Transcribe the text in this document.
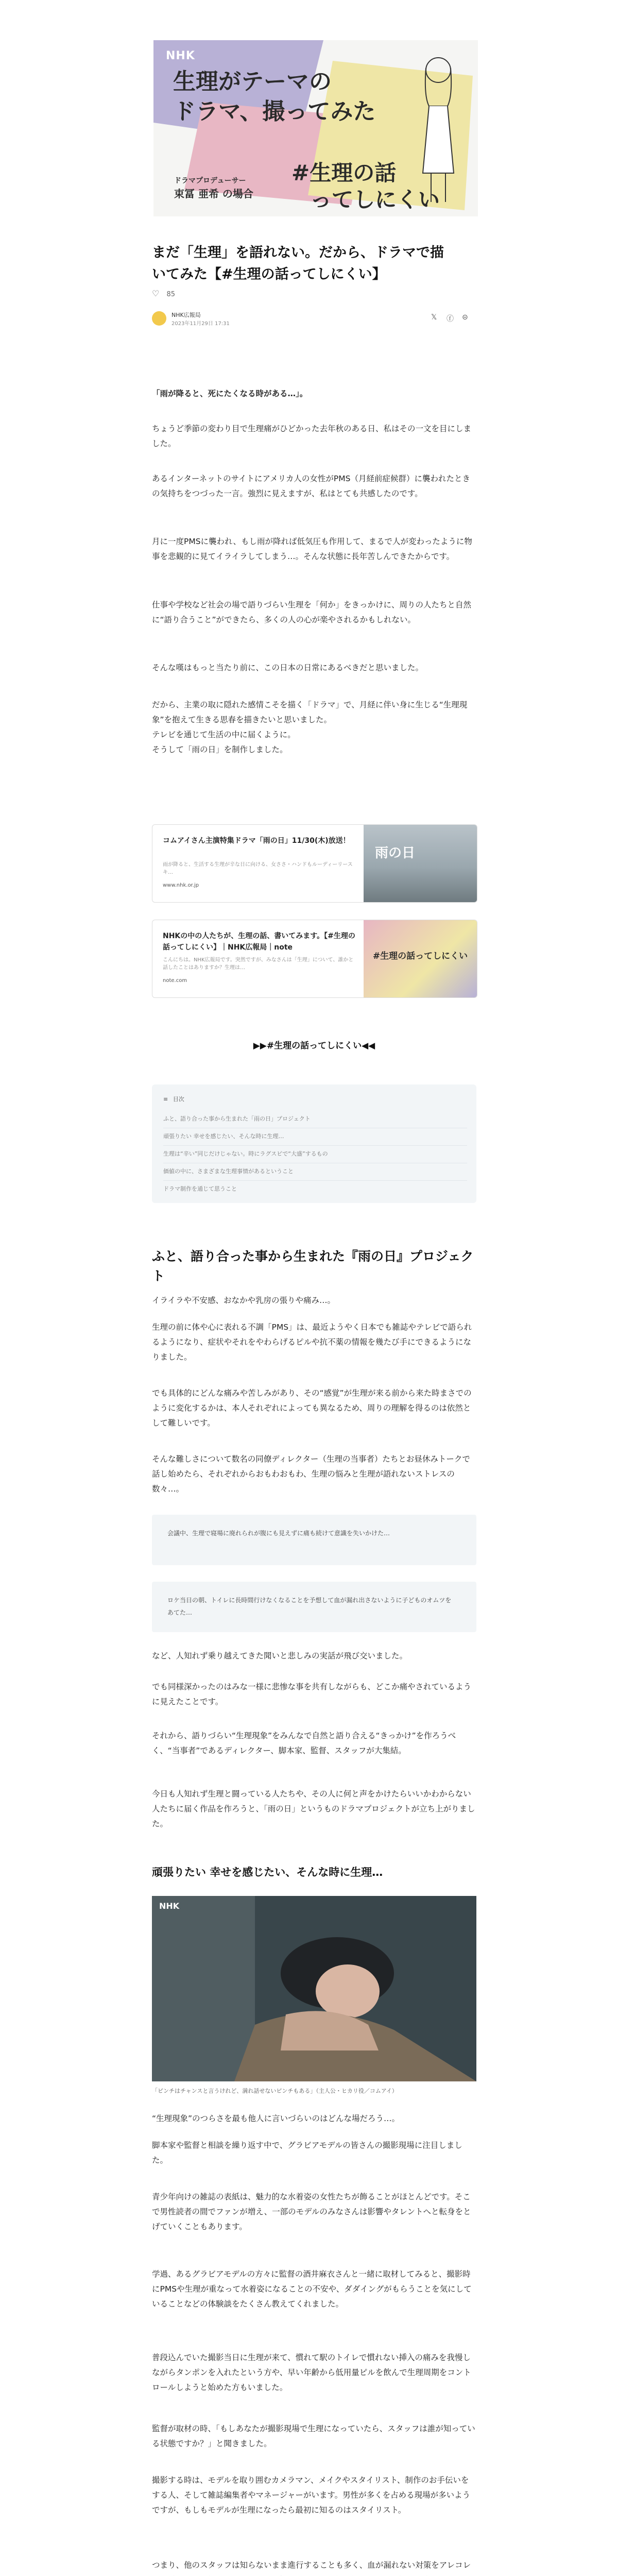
NHK
生理がテーマの
ドラマ、撮ってみた
ドラマプロデューサー
束冨 亜希 の場合
#生理の話
ってしにくい
まだ「生理」を語れない。だから、ドラマで描
いてみた【#生理の話ってしにくい】
♡ 85
NHK広報局
2023年11月29日 17:31
𝕏 ⓕ ⊝

「雨が降ると、死にたくなる時がある…」。

ちょうど季節の変わり目で生理痛がひどかった去年秋のある日、私はその一文を目にしました。

あるインターネットのサイトにアメリカ人の女性がPMS（月経前症候群）に襲われたときの気持ちをつづった一言。強烈に見えますが、私はとても共感したのです。

月に一度PMSに襲われ、もし雨が降れば低気圧も作用して、まるで人が変わったように物事を悲観的に見てイライラしてしまう…。そんな状態に長年苦しんできたからです。

仕事や学校など社会の場で語りづらい生理を「何か」をきっかけに、周りの人たちと自然に“語り合うこと”ができたら、多くの人の心が楽やされるかもしれない。

そんな嘆はもっと当たり前に、この日本の日常にあるべきだと思いました。

だから、主業の取に隠れた感情こそを描く「ドラマ」で、月経に伴い身に生じる“生理現象”を抱えて生きる思春を描きたいと思いました。
テレビを通じて生活の中に届くように。
そうして「雨の日」を制作しました。

コムアイさん主演特集ドラマ「雨の日」11/30(木)放送！
雨が降ると、生活する生理が辛な日に向ける、女ささ・ハンドもルーディーリースキ…
www.nhk.or.jp
雨の日
NHKの中の人たちが、生理の話、書いてみます。【#生理の話ってしにくい】｜NHK広報局｜note
こんにちは。NHK広報局です。突然ですが、みなさんは「生理」について、誰かと話したことはありますか？生理は…
note.com
#生理の話ってしにくい
▶▶#生理の話ってしにくい◀◀
≡ 目次
ふと、語り合った事から生まれた「雨の日」プロジェクト
頑張りたい 幸せを感じたい、そんな時に生理…
生理は“辛い”同じだけじゃない。時にラグスビで“大盛”するもの
価値の中に、さまざまな生理事情があるということ
ドラマ制作を通じて思うこと
ふと、語り合った事から生まれた『雨の日』プロジェクト

イライラや不安感、おなかや乳房の張りや痛み…。

生理の前に体や心に表れる不調「PMS」は、最近ようやく日本でも雑誌やテレビで語られるようになり、症状やそれをやわらげるピルや抗不薬の情報を幾たび手にできるようになりました。

でも具体的にどんな痛みや苦しみがあり、その“感覚”が生理が来る前から来た時まさでのように変化するかは、本人それぞれによっても異なるため、周りの理解を得るのは依然として難しいです。

そんな難しさについて数名の同僚ディレクター（生理の当事者）たちとお昼休みトークで話し始めたら、それぞれからおもわおもわ、生理の悩みと生理が語れないストレスの数々…。

会議中、生理で寝場に廃れられが腹にも見えずに痛も続けて意識を失いかけた…
ロケ当日の朝、トイレに長時間行けなくなることを予想して血が漏れ出さないように子どものオムツをあてた…

など、人知れず乗り越えてきた聞いと悲しみの実話が飛び交いました。

でも同様深かったのはみな一様に悲惨な事を共有しながらも、どこか痛やされているように見えたことです。

それから、語りづらい“生理現象”をみんなで自然と語り合える“きっかけ”を作ろうべく、“当事者”であるディレクター、脚本家、監督、スタッフが大集結。

今日も人知れず生理と闘っている人たちや、その人に何と声をかけたらいいかわからない人たちに届く作品を作ろうと、「雨の日」というものドラマプロジェクトが立ち上がりました。

頑張りたい 幸せを感じたい、そんな時に生理…
NHK
「ピンチはチャンスと言うけれど、満れ話せないピンチもある」（主人公・ヒカリ役／コムアイ）

“生理現象”のつらさを最も他人に言いづらいのはどんな場だろう…。

脚本家や監督と相談を繰り返す中で、グラビアモデルの皆さんの撮影現場に注目しました。

青少年向けの雑誌の表紙は、魅力的な水着姿の女性たちが飾ることがほとんどです。そこで男性読者の間でファンが増え、一部のモデルのみなさんは影響やタレントへと転身をとげていくこともあります。

学過、あるグラビアモデルの方々に監督の酒井麻衣さんと一緒に取材してみると、撮影時にPMSや生理が重なって水着姿になることの不安や、ダダイングがもらうことを気にしていることなどの体験談をたくさん教えてくれました。

普段込んでいた撮影当日に生理が来て、慣れて駅のトイレで慣れない挿入の痛みを我慢しながらタンポンを入れたという方や、早い年齢から低用量ピルを飲んで生理周期をコントロールしようと始めた方もいました。

監督が取材の時、「もしあなたが撮影現場で生理になっていたら、スタッフは誰が知っている状態ですか？」と聞きました。

撮影する時は、モデルを取り囲むカメラマン、メイクやスタイリスト、制作のお手伝いをする人、そして雑誌編集者やマネージャーがいます。男性が多くを占める現場が多いようですが、もしもモデルが生理になったら最初に知るのはスタイリスト。

つまり、他のスタッフは知らないまま進行することも多く、血が漏れない対策をアレコレ
